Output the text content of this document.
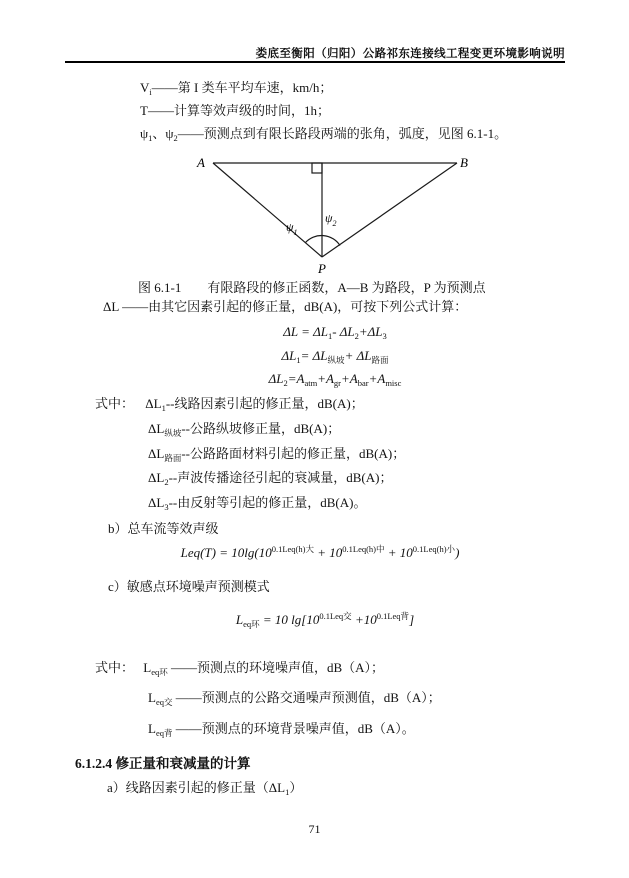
娄底至衡阳（归阳）公路祁东连接线工程变更环境影响说明
$V_i——$第 I 类车平均车速，km/h；
T——计算等效声级的时间，1h；
$\psi_1$、$\psi_2——$预测点到有限长路段两端的张角，弧度，见图 6.1-1。
A	B
P
$\psi_1$
$\psi_2$
图 6.1-1　　有限路段的修正函数，A—B 为路段，P 为预测点
ΔL ——由其它因素引起的修正量，dB(A)，可按下列公式计算：
$\Delta L = \Delta L_1-$ $\Delta L_2+\Delta L_3$
$\Delta L_1= \Delta L_{纵坡}+ \Delta L_{路面}$
$\Delta L_2=A_{atm}+A_{gr}+A_{bar}+A_{misc}$
式中： $\Delta L_1--$线路因素引起的修正量，dB(A)；
$\Delta L_{纵坡}--$公路纵坡修正量，dB(A)；
$\Delta L_{路面}--$公路路面材料引起的修正量，dB(A)；
$\Delta L_2--$声波传播途径引起的衰减量，dB(A)；
$\Delta L_3--$由反射等引起的修正量，dB(A)。
b）总车流等效声级
$Leq(T) = 10\lg(10^{0.1Leq(h)大} + 10^{0.1Leq(h)中} + 10^{0.1Leq(h)小})$
c）敏感点环境噪声预测模式
$L_{eq环} = 10$ $\lg[10^{0.1Leq交} +10^{0.1Leq背}]$
式中： $L_{eq环}$ ——预测点的环境噪声值，dB（A）；
$L_{eq交}$ ——预测点的公路交通噪声预测值，dB（A）；
$L_{eq背}$ ——预测点的环境背景噪声值，dB（A）。
6.1.2.4 修正量和衰减量的计算
a）线路因素引起的修正量$(\Delta L_1)$
71
